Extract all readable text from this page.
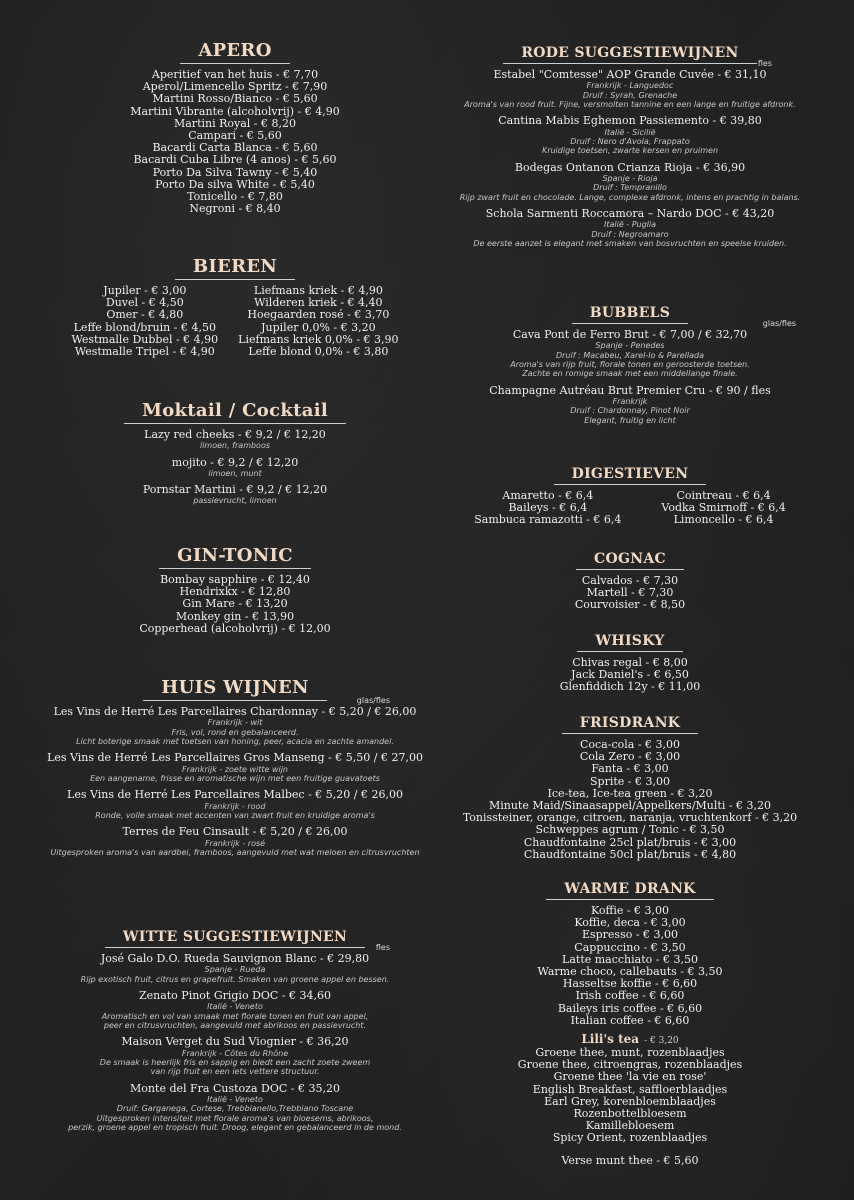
APERO
Aperitief van het huis - € 7,70
Aperol/Limencello Spritz - € 7,90
Martini Rosso/Bianco - € 5,60
Martini Vibrante (alcoholvrij) - € 4,90
Martini Royal - € 8,20
Campari - € 5,60
Bacardi Carta Blanca - € 5,60
Bacardi Cuba Libre (4 anos) - € 5,60
Porto Da Silva Tawny - € 5,40
Porto Da silva White - € 5,40
Tonicello - € 7,80
Negroni - € 8,40
BIEREN
Jupiler - € 3,00
Duvel - € 4,50
Omer - € 4,80
Leffe blond/bruin - € 4,50
Westmalle Dubbel - € 4,90
Westmalle Tripel - € 4,90
Liefmans kriek - € 4,90
Wilderen kriek - € 4,40
Hoegaarden rosé - € 3,70
Jupiler 0,0% - € 3,20
Liefmans kriek 0,0% - € 3,90
Leffe blond 0,0% - € 3,80
Moktail / Cocktail
Lazy red cheeks - € 9,2 / € 12,20
limoen, framboos
mojito - € 9,2 / € 12,20
limoen, munt
Pornstar Martini - € 9,2 / € 12,20
passievrucht, limoen
GIN-TONIC
Bombay sapphire - € 12,40
Hendrixkx - € 12,80
Gin Mare - € 13,20
Monkey gin - € 13,90
Copperhead (alcoholvrij) - € 12,00
HUIS WIJNEN
glas/fles
Les Vins de Herré Les Parcellaires Chardonnay - € 5,20 / € 26,00
Frankrijk - wit
Fris, vol, rond en gebalanceerd.
Licht boterige smaak met toetsen van honing, peer, acacia en zachte amandel.
Les Vins de Herré Les Parcellaires Gros Manseng - € 5,50 / € 27,00
Frankrijk - zoete witte wijn
Een aangename, frisse en aromatische wijn met een fruitige guavatoets
Les Vins de Herré Les Parcellaires Malbec - € 5,20 / € 26,00
Frankrijk - rood
Ronde, volle smaak met accenten van zwart fruit en kruidige aroma's
Terres de Feu Cinsault - € 5,20 / € 26,00
Frankrijk - rosé
Uitgesproken aroma's van aardbei, framboos, aangevuld met wat meloen en citrusvruchten
WITTE SUGGESTIEWIJNEN
fles
José Galo D.O. Rueda Sauvignon Blanc - € 29,80
Spanje - Rueda
Rijp exotisch fruit, citrus en grapefruit. Smaken van groene appel en bessen.
Zenato Pinot Grigio DOC - € 34,60
Italië - Veneto
Aromatisch en vol van smaak met florale tonen en fruit van appel,
peer en citrusvruchten, aangevuld met abrikoos en passievrucht.
Maison Verget du Sud Viognier - € 36,20
Frankrijk - Côtes du Rhône
De smaak is heerlijk fris en sappig en biedt een zacht zoete zweem
van rijp fruit en een iets vettere structuur.
Monte del Fra Custoza DOC - € 35,20
Italië - Veneto
Druif: Garganega, Cortese, Trebbianello,Trebbiano Toscane
Uitgesproken intensiteit met florale aroma's van bloesems, abrikoos,
perzik, groene appel en tropisch fruit. Droog, elegant en gebalanceerd in de mond.
RODE SUGGESTIEWIJNEN
fles
Estabel "Comtesse" AOP Grande Cuvée - € 31,10
Frankrijk - Languedoc
Druif : Syrah, Grenache
Aroma's van rood fruit. Fijne, versmolten tannine en een lange en fruitige afdronk.
Cantina Mabis Eghemon Passiemento - € 39,80
Italië - Sicilië
Druif : Nero d'Avola, Frappato
Kruidige toetsen, zwarte kersen en pruimen
Bodegas Ontanon Crianza Rioja - € 36,90
Spanje - Rioja
Druif : Tempranillo
Rijp zwart fruit en chocolade. Lange, complexe afdronk, intens en prachtig in balans.
Schola Sarmenti Roccamora – Nardo DOC - € 43,20
Italië - Puglia
Druif : Negroamaro
De eerste aanzet is elegant met smaken van bosvruchten en speelse kruiden.
BUBBELS
glas/fles
Cava Pont de Ferro Brut - € 7,00 / € 32,70
Spanje - Penedes
Druif : Macabeu, Xarel-lo & Parellada
Aroma's van rijp fruit, florale tonen en geroosterde toetsen.
Zachte en romige smaak met een middellange finale.
Champagne Autréau Brut Premier Cru - € 90 / fles
Frankrijk
Druif : Chardonnay, Pinot Noir
Elegant, fruitig en licht
DIGESTIEVEN
Amaretto - € 6,4
Baileys - € 6,4
Sambuca ramazotti - € 6,4
Cointreau - € 6,4
Vodka Smirnoff - € 6,4
Limoncello - € 6,4
COGNAC
Calvados - € 7,30
Martell - € 7,30
Courvoisier - € 8,50
WHISKY
Chivas regal - € 8,00
Jack Daniel's - € 6,50
Glenfiddich 12y - € 11,00
FRISDRANK
Coca-cola - € 3,00
Cola Zero - € 3,00
Fanta - € 3,00
Sprite - € 3,00
Ice-tea, Ice-tea green - € 3,20
Minute Maid/Sinaasappel/Appelkers/Multi - € 3,20
Tonissteiner, orange, citroen, naranja, vruchtenkorf - € 3,20
Schweppes agrum / Tonic - € 3,50
Chaudfontaine 25cl plat/bruis - € 3,00
Chaudfontaine 50cl plat/bruis - € 4,80
WARME DRANK
Koffie - € 3,00
Koffie, deca - € 3,00
Espresso - € 3,00
Cappuccino - € 3,50
Latte macchiato - € 3,50
Warme choco, callebauts - € 3,50
Hasseltse koffie - € 6,60
Irish coffee - € 6,60
Baileys iris coffee - € 6,60
Italian coffee - € 6,60
Lili's tea - € 3,20
Groene thee, munt, rozenblaadjes
Groene thee, citroengras, rozenblaadjes
Groene thee 'la vie en rose'
English Breakfast, saffloerblaadjes
Earl Grey, korenbloemblaadjes
Rozenbottelbloesem
Kamillebloesem
Spicy Orient, rozenblaadjes
Verse munt thee - € 5,60
